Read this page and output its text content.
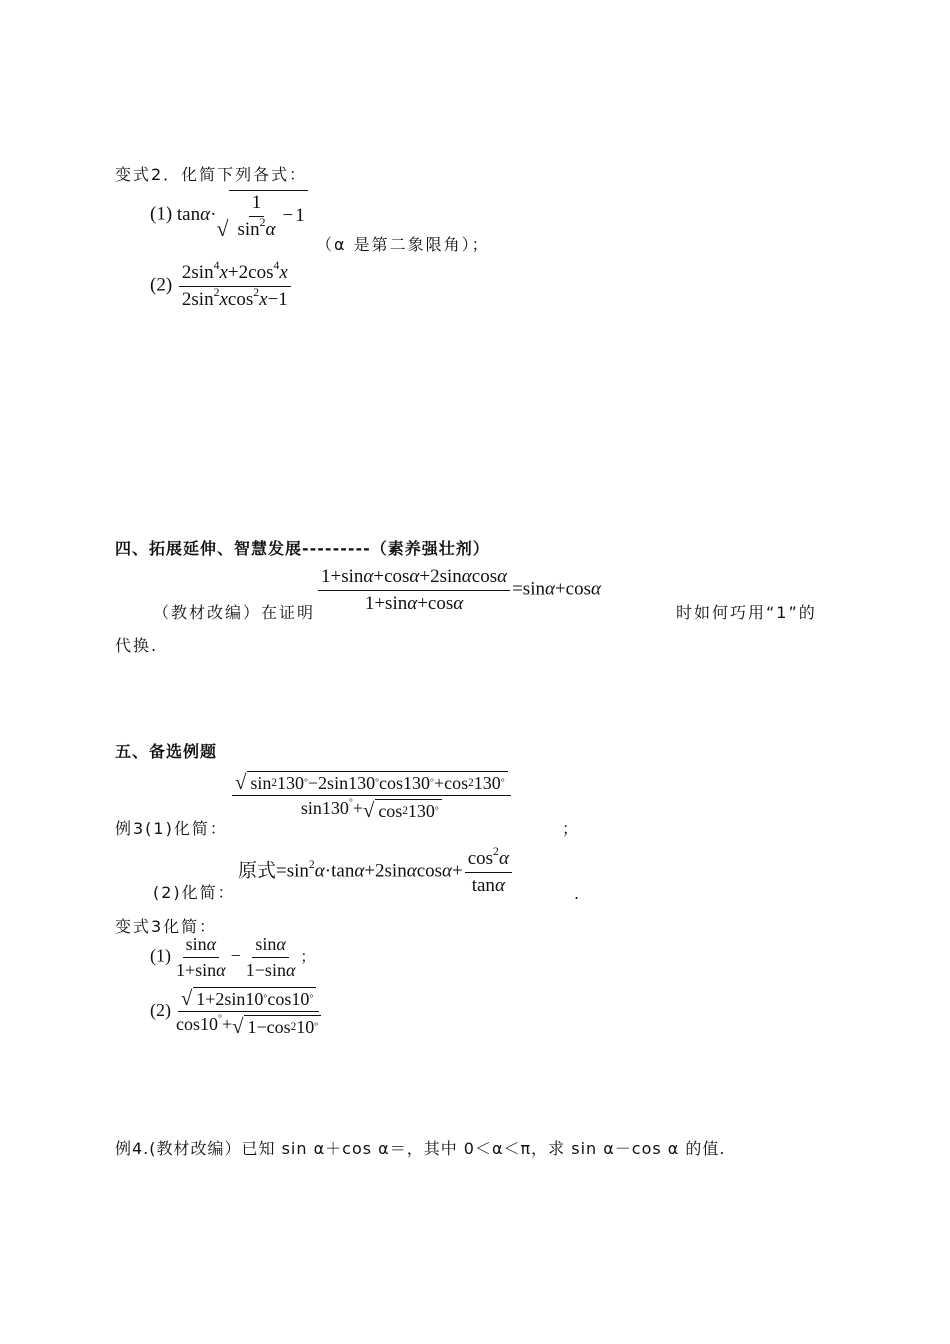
变式2．化简下列各式：
(1) tanα·
√ $\frac{1}{\sin^2\alpha} - 1$
（α 是第二象限角）；
$(2) \frac{2\sin^4x+2\cos^4x}{2\sin^2xcos^2x-1}$
四、拓展延伸、智慧发展---------（素养强壮剂）
$\frac{1+\sin\alpha+\cos\alpha+2\sin\alpha\cos\alpha}{1+\sin\alpha+\cos\alpha} =\sin\alpha+\cos\alpha$
（教材改编）在证明	时如何巧用“1”的
代换.
五、备选例题
$\frac{√ \sin 2 130 ^\circ -2\sin 130 ^\circ \cos 130 ^\circ +\cos 2 130 ^\circ}{\sin 130^\circ+ √ \cos 2 130 ^\circ}$
例3(1)化简：	；
(2)化简：
原式$=\sin^2\alpha\cdot\tan\alpha+2\sin\alpha\cos\alpha+ \frac{\cos^2\alpha}{\tan\alpha}$	.
变式3化简：
$(1) \frac{\sin\alpha}{1+\sin\alpha} - \frac{\sin\alpha}{1-\sin\alpha}$ ；
$(2) \frac{√ 1+2\sin 10 ^\circ \cos 10 ^\circ}{\cos 10^\circ+ √ 1-\cos 2 10 ^\circ}$
例4.(教材改编）已知 sin α＋cos α＝，其中 0＜α＜π，求 sin α－cos α 的值.
